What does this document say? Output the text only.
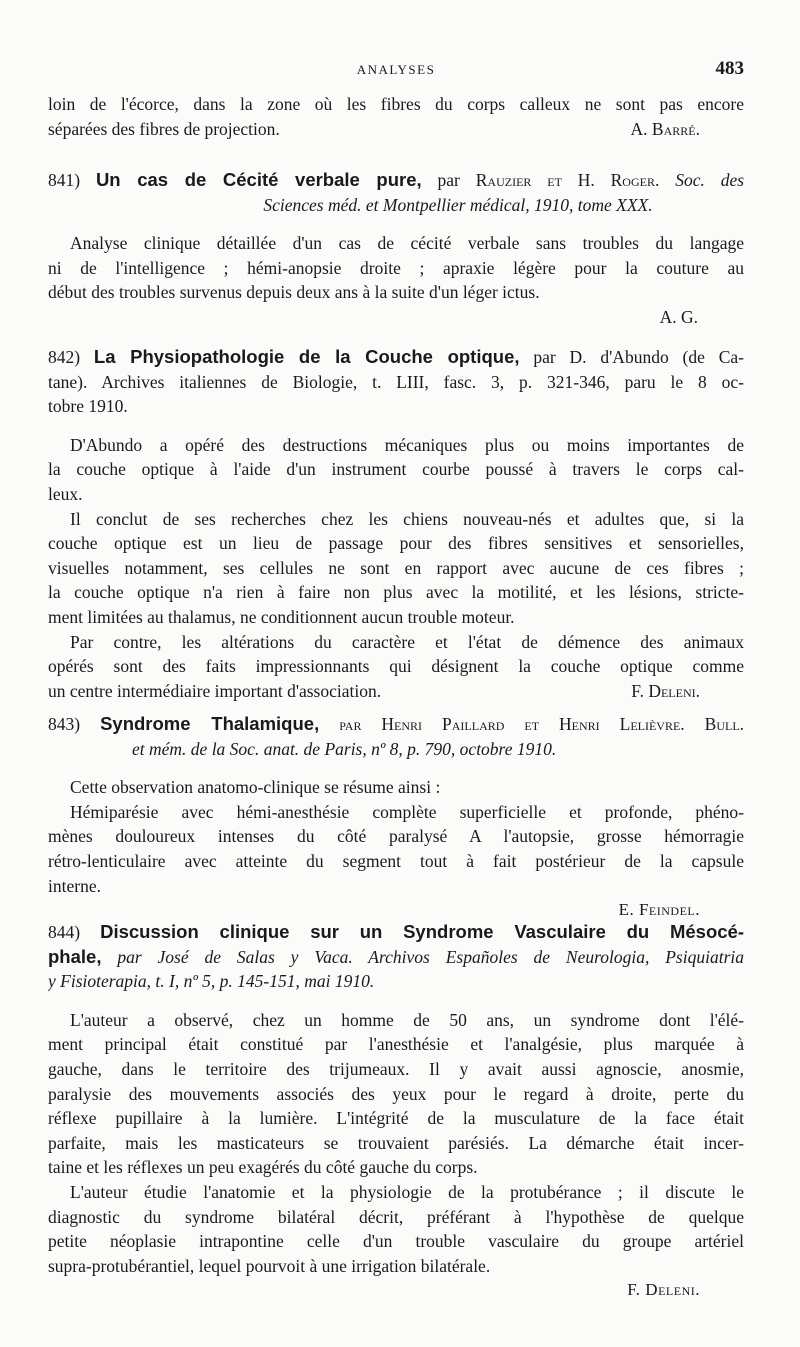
ANALYSES	483
loin de l'écorce, dans la zone où les fibres du corps calleux ne sont pas encore
séparées des fibres de projection.	A. Barré.
841) Un cas de Cécité verbale pure, par Rauzier et H. Roger. Soc. des
Sciences méd. et Montpellier médical, 1910, tome XXX.
Analyse clinique détaillée d'un cas de cécité verbale sans troubles du langage
ni de l'intelligence ; hémi-anopsie droite ; apraxie légère pour la couture au
début des troubles survenus depuis deux ans à la suite d'un léger ictus.
A. G.
842) La Physiopathologie de la Couche optique, par D. d'Abundo (de Ca-
tane). Archives italiennes de Biologie, t. LIII, fasc. 3, p. 321-346, paru le 8 oc-
tobre 1910.
D'Abundo a opéré des destructions mécaniques plus ou moins importantes de
la couche optique à l'aide d'un instrument courbe poussé à travers le corps cal-
leux.
Il conclut de ses recherches chez les chiens nouveau-nés et adultes que, si la
couche optique est un lieu de passage pour des fibres sensitives et sensorielles,
visuelles notamment, ses cellules ne sont en rapport avec aucune de ces fibres ;
la couche optique n'a rien à faire non plus avec la motilité, et les lésions, stricte-
ment limitées au thalamus, ne conditionnent aucun trouble moteur.
Par contre, les altérations du caractère et l'état de démence des animaux
opérés sont des faits impressionnants qui désignent la couche optique comme
un centre intermédiaire important d'association.	F. Deleni.
843) Syndrome Thalamique, par Henri Paillard et Henri Lelièvre. Bull.
et mém. de la Soc. anat. de Paris, nº 8, p. 790, octobre 1910.
Cette observation anatomo-clinique se résume ainsi :
Hémiparésie avec hémi-anesthésie complète superficielle et profonde, phéno-
mènes douloureux intenses du côté paralysé A l'autopsie, grosse hémorragie
rétro-lenticulaire avec atteinte du segment tout à fait postérieur de la capsule
interne.
E. Feindel.
844) Discussion clinique sur un Syndrome Vasculaire du Mésocé-
phale, par José de Salas y Vaca. Archivos Españoles de Neurologia, Psiquiatria
y Fisioterapia, t. I, nº 5, p. 145-151, mai 1910.
L'auteur a observé, chez un homme de 50 ans, un syndrome dont l'élé-
ment principal était constitué par l'anesthésie et l'analgésie, plus marquée à
gauche, dans le territoire des trijumeaux. Il y avait aussi agnoscie, anosmie,
paralysie des mouvements associés des yeux pour le regard à droite, perte du
réflexe pupillaire à la lumière. L'intégrité de la musculature de la face était
parfaite, mais les masticateurs se trouvaient parésiés. La démarche était incer-
taine et les réflexes un peu exagérés du côté gauche du corps.
L'auteur étudie l'anatomie et la physiologie de la protubérance ; il discute le
diagnostic du syndrome bilatéral décrit, préférant à l'hypothèse de quelque
petite néoplasie intrapontine celle d'un trouble vasculaire du groupe artériel
supra-protubérantiel, lequel pourvoit à une irrigation bilatérale.
F. Deleni.
